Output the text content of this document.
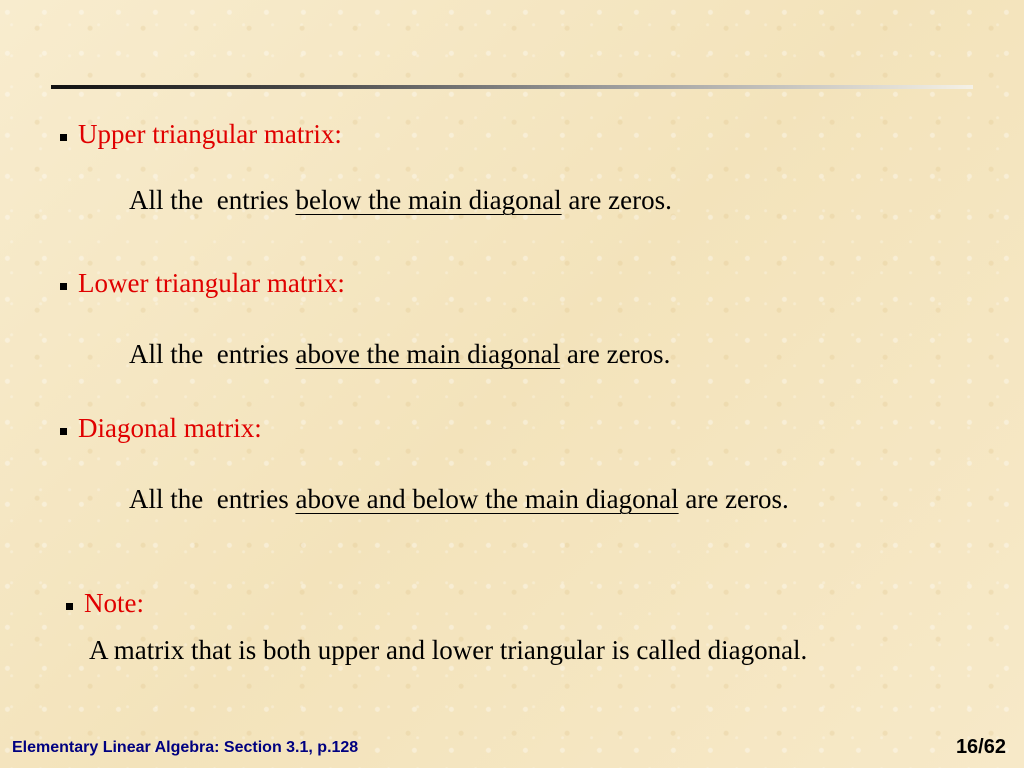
Upper triangular matrix:
All the  entries below the main diagonal are zeros.
Lower triangular matrix:
All the  entries above the main diagonal are zeros.
Diagonal matrix:
All the  entries above and below the main diagonal are zeros.
Note:
A matrix that is both upper and lower triangular is called diagonal.
Elementary Linear Algebra: Section 3.1, p.128	16/62
